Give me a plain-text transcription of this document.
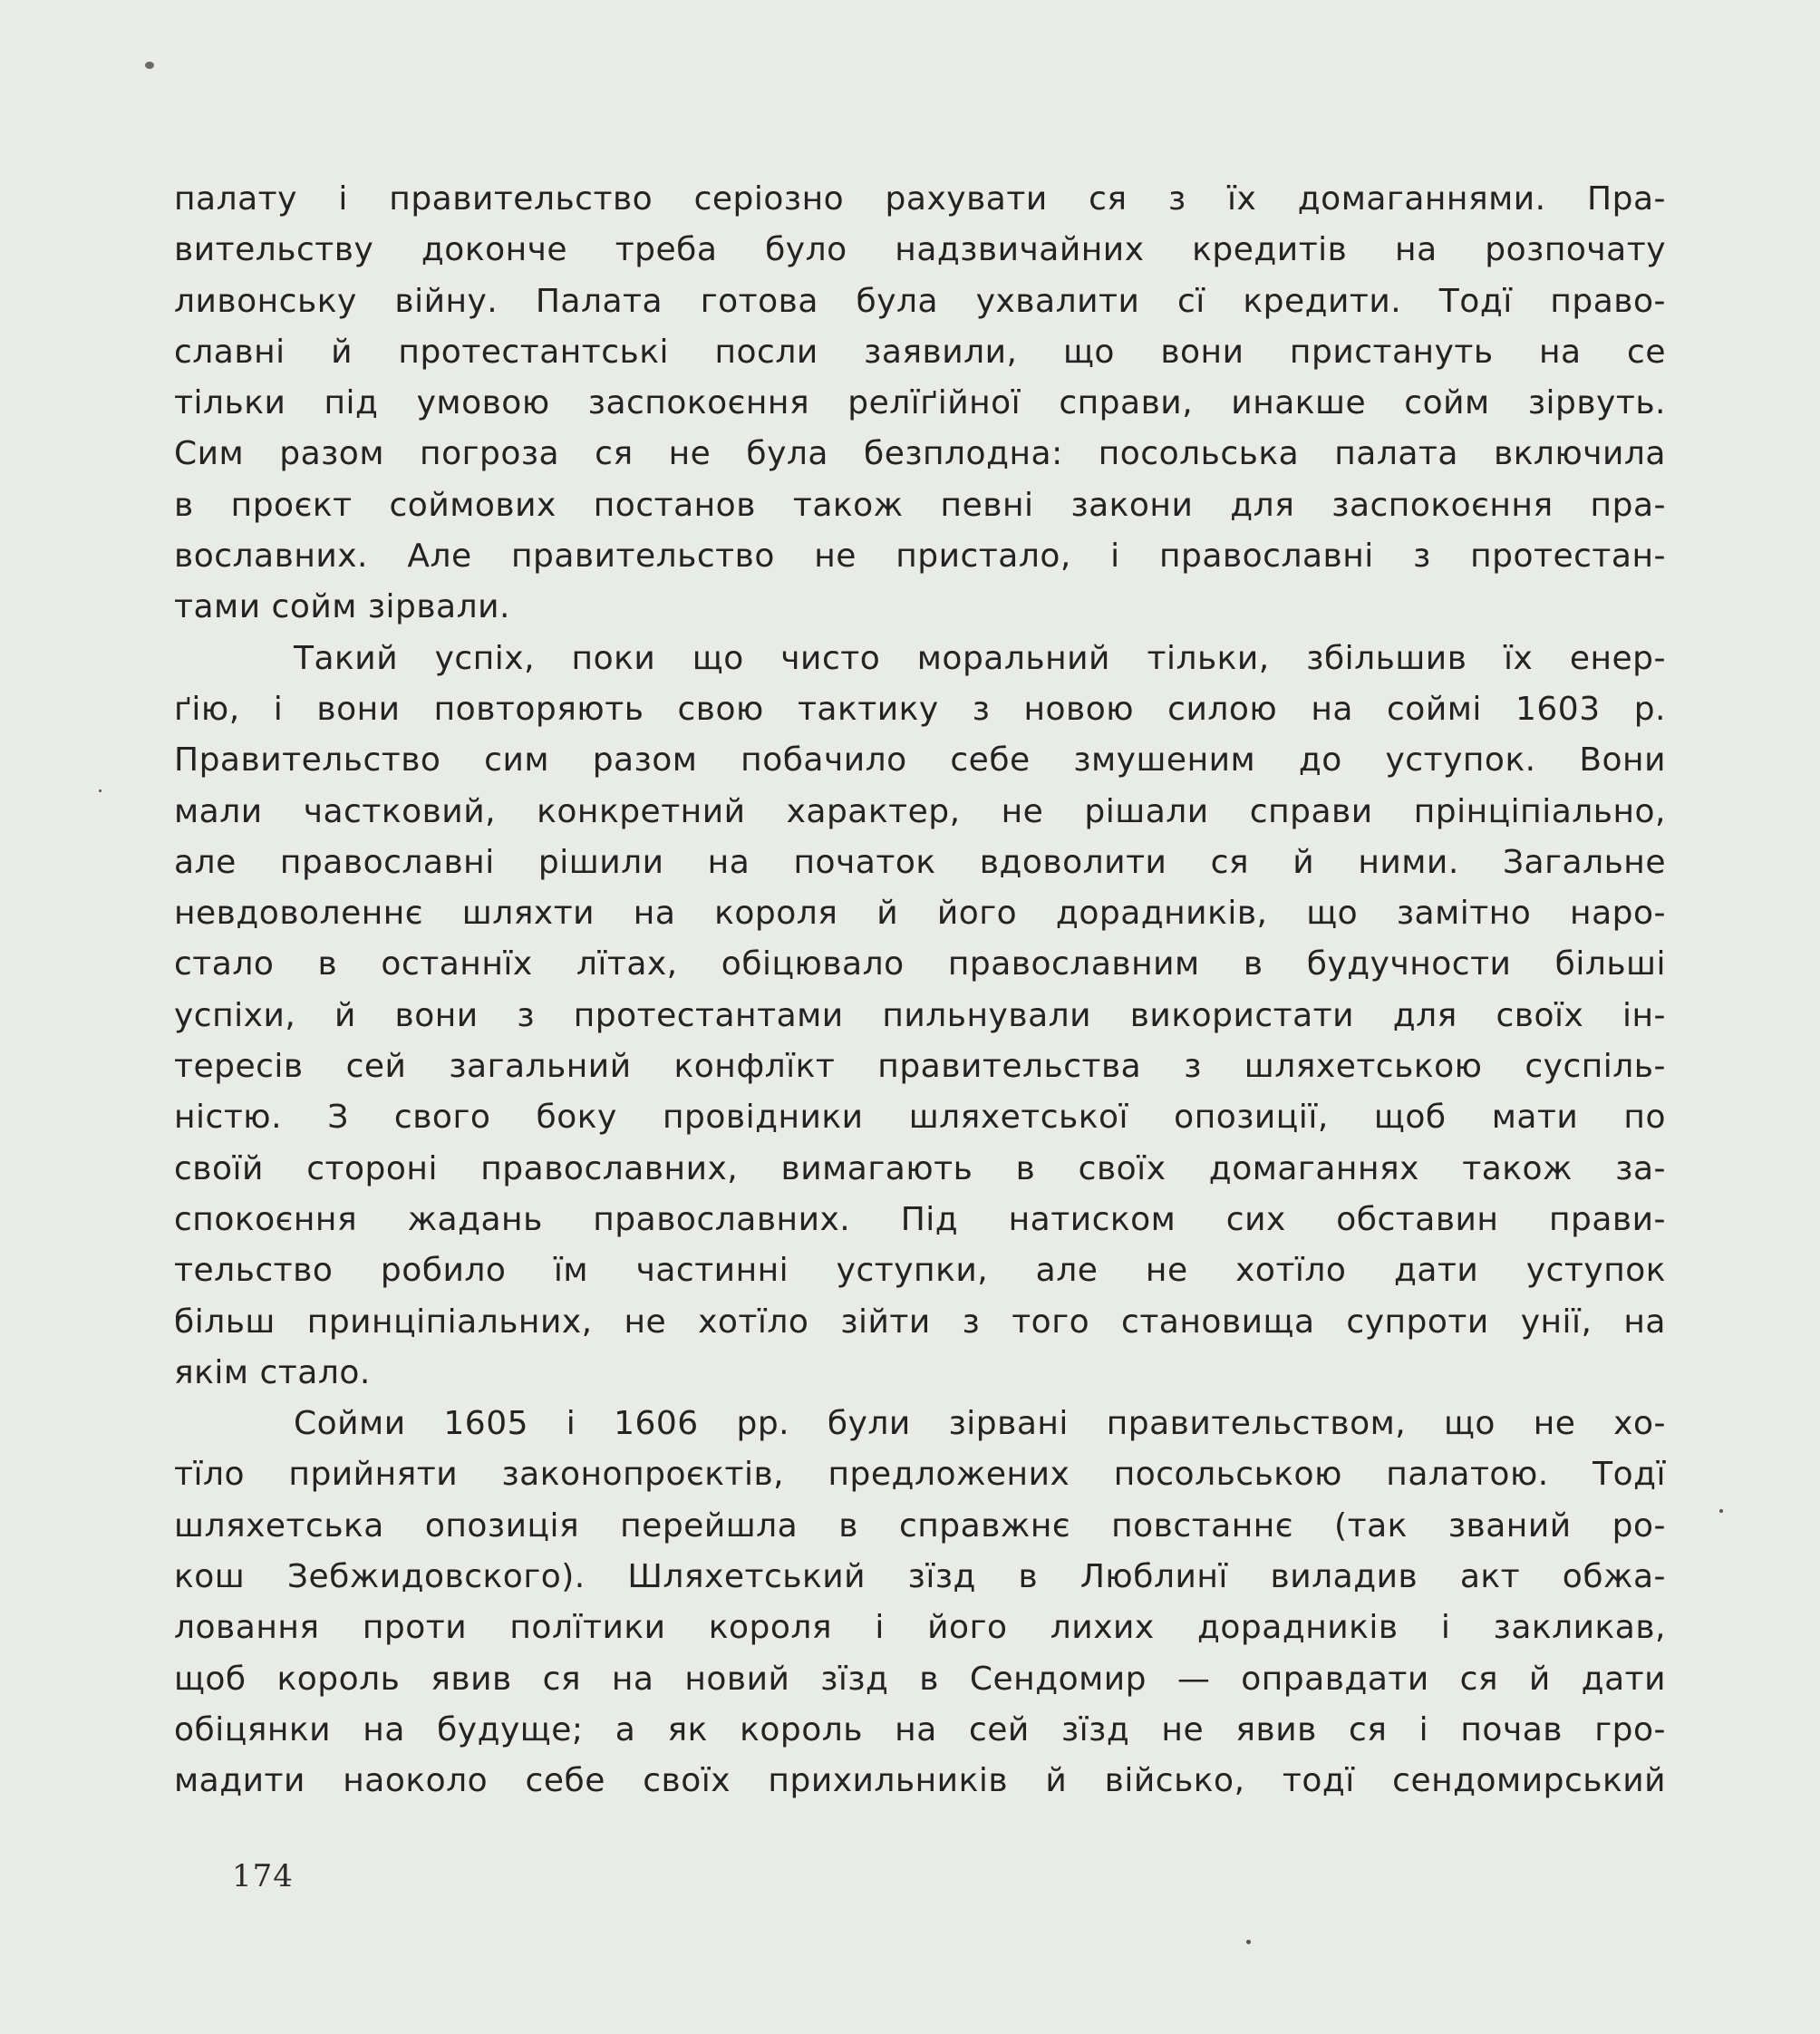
палату і правительство серіозно рахувати ся з їх домаганнями. Пра-
вительству доконче треба було надзвичайних кредитів на розпочату
ливонську війну. Палата готова була ухвалити сї кредити. Тодї право-
славні й протестантські посли заявили, що вони пристануть на се
тільки під умовою заспокоєння релїґійної справи, инакше сойм зірвуть.
Сим разом погроза ся не була безплодна: посольська палата включила
в проєкт соймових постанов також певні закони для заспокоєння пра-
вославних. Але правительство не пристало, і православні з протестан-
тами сойм зірвали.
Такий успіх, поки що чисто моральний тільки, збільшив їх енер-
ґію, і вони повторяють свою тактику з новою силою на соймі 1603 р.
Правительство сим разом побачило себе змушеним до уступок. Вони
мали частковий, конкретний характер, не рішали справи прінціпіально,
але православні рішили на початок вдоволити ся й ними. Загальне
невдоволеннє шляхти на короля й його дорадників, що замітно наро-
стало в останнїх лїтах, обіцювало православним в будучности більші
успіхи, й вони з протестантами пильнували використати для своїх ін-
тересів сей загальний конфлїкт правительства з шляхетською суспіль-
ністю. З свого боку провідники шляхетської опозиції, щоб мати по
своїй стороні православних, вимагають в своїх домаганнях також за-
спокоєння жадань православних. Під натиском сих обставин прави-
тельство робило їм частинні уступки, але не хотїло дати уступок
більш принціпіальних, не хотїло зійти з того становища супроти унії, на
якім стало.
Сойми 1605 і 1606 рр. були зірвані правительством, що не хо-
тїло прийняти законопроєктів, предложених посольською палатою. Тодї
шляхетська опозиція перейшла в справжнє повстаннє (так званий ро-
кош Зебжидовского). Шляхетський зїзд в Люблинї виладив акт обжа-
ловання проти полїтики короля і його лихих дорадників і закликав,
щоб король явив ся на новий зїзд в Сендомир — оправдати ся й дати
обіцянки на будуще; а як король на сей зїзд не явив ся і почав гро-
мадити наоколо себе своїх прихильників й військо, тодї сендомирський
174
